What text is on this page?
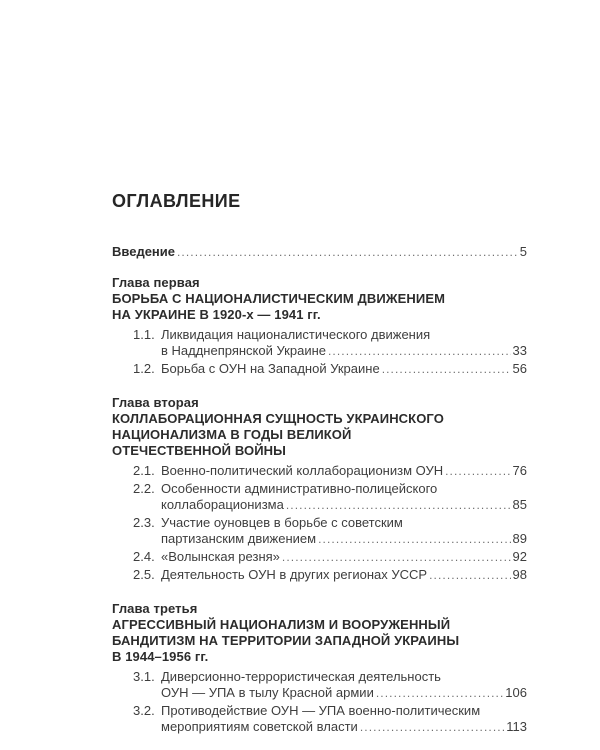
ОГЛАВЛЕНИЕ
Введение .....	5
Глава первая
БОРЬБА С НАЦИОНАЛИСТИЧЕСКИМ ДВИЖЕНИЕМ
НА УКРАИНЕ В 1920-х — 1941 гг.
1.1. Ликвидация националистического движения
в Надднепрянской Украине .....	33
1.2. Борьба с ОУН на Западной Украине .....	56
Глава вторая
КОЛЛАБОРАЦИОННАЯ СУЩНОСТЬ УКРАИНСКОГО
НАЦИОНАЛИЗМА В ГОДЫ ВЕЛИКОЙ
ОТЕЧЕСТВЕННОЙ ВОЙНЫ
2.1. Военно-политический коллаборационизм ОУН .....	76
2.2. Особенности административно-полицейского
коллаборационизма .....	85
2.3. Участие оуновцев в борьбе с советским
партизанским движением .....	89
2.4. «Волынская резня» .....	92
2.5. Деятельность ОУН в других регионах УССР .....	98
Глава третья
АГРЕССИВНЫЙ НАЦИОНАЛИЗМ И ВООРУЖЕННЫЙ
БАНДИТИЗМ НА ТЕРРИТОРИИ ЗАПАДНОЙ УКРАИНЫ
В 1944–1956 гг.
3.1. Диверсионно-террористическая деятельность
ОУН — УПА в тылу Красной армии .....	106
3.2. Противодействие ОУН — УПА военно-политическим
мероприятиям советской власти .....	113
